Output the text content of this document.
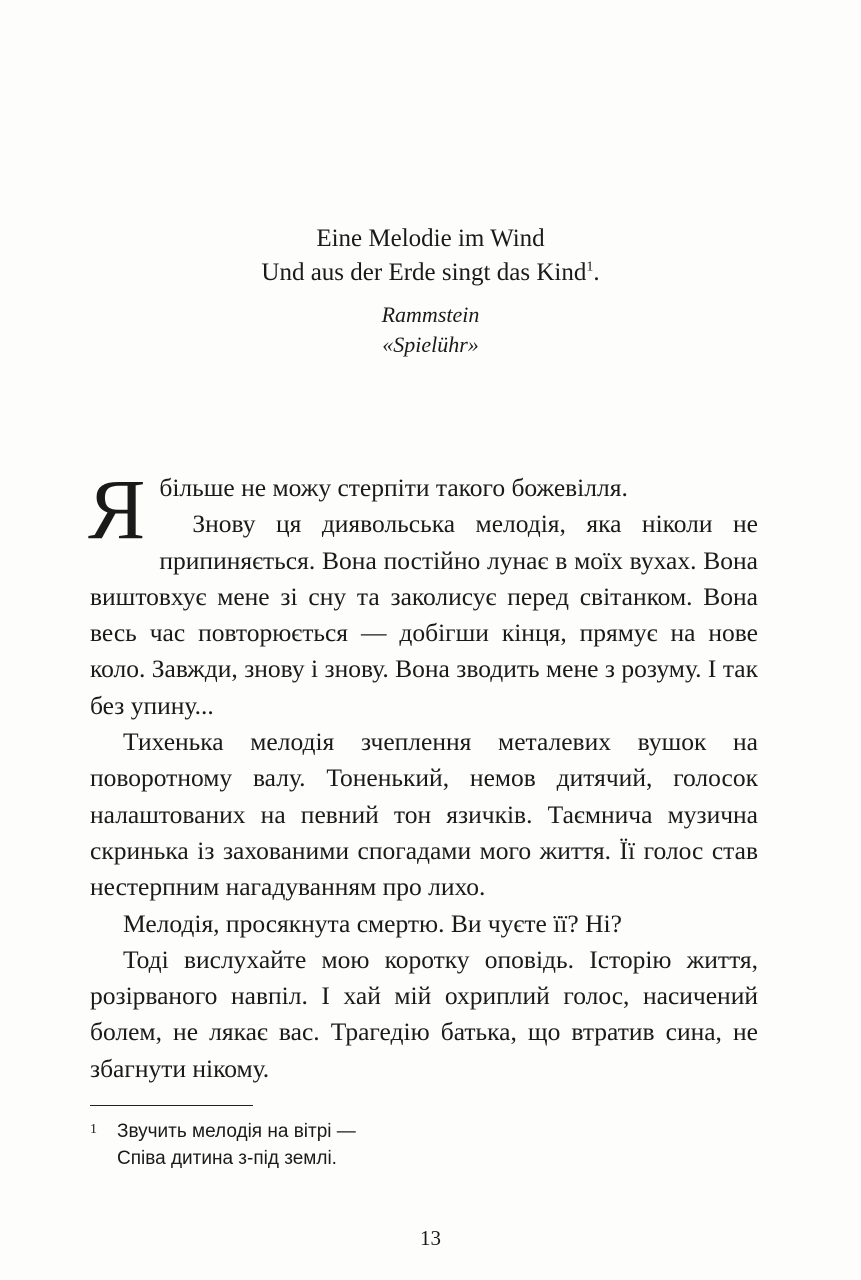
Eine Melodie im Wind
Und aus der Erde singt das Kind$^1$.
Rammstein
«Spielühr»

Ябільше не можу стерпіти такого божевілля.

Знову ця диявольська мелодія, яка ніколи не припиняється. Вона постійно лунає в моїх вухах. Вона виштовхує мене зі сну та заколисує перед світанком. Вона весь час повторюється — добігши кінця, прямує на нове коло. Завжди, знову і знову. Вона зводить мене з розуму. І так без упину...

Тихенька мелодія зчеплення металевих вушок на поворотному валу. Тоненький, немов дитячий, голосок налаштованих на певний тон язичків. Таємнича музична скринька із захованими спогадами мого життя. Її голос став нестерпним нагадуванням про лихо.

Мелодія, просякнута смертю. Ви чуєте її? Ні?

Тоді вислухайте мою коротку оповідь. Історію життя, розірваного навпіл. І хай мій охриплий голос, насичений болем, не лякає вас. Трагедію батька, що втратив сина, не збагнути нікому.

1 Звучить мелодія на вітрі —
Співа дитина з-під землі.
13
